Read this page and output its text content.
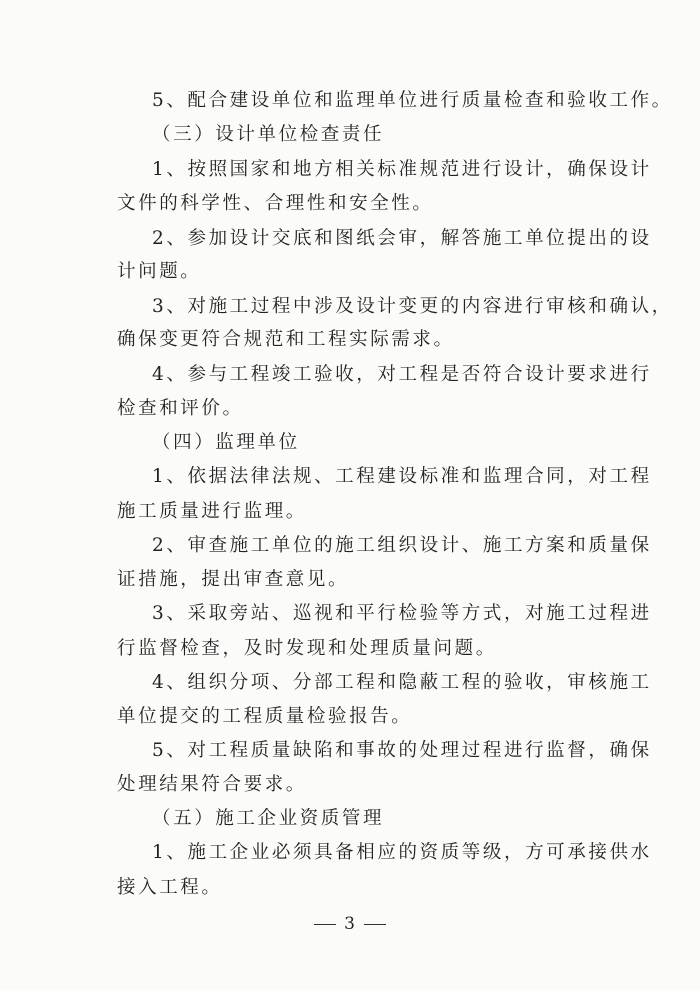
5、配合建设单位和监理单位进行质量检查和验收工作。
（三）设计单位检查责任
1、按照国家和地方相关标准规范进行设计，确保设计
文件的科学性、合理性和安全性。
2、参加设计交底和图纸会审，解答施工单位提出的设
计问题。
3、对施工过程中涉及设计变更的内容进行审核和确认，
确保变更符合规范和工程实际需求。
4、参与工程竣工验收，对工程是否符合设计要求进行
检查和评价。
（四）监理单位
1、依据法律法规、工程建设标准和监理合同，对工程
施工质量进行监理。
2、审查施工单位的施工组织设计、施工方案和质量保
证措施，提出审查意见。
3、采取旁站、巡视和平行检验等方式，对施工过程进
行监督检查，及时发现和处理质量问题。
4、组织分项、分部工程和隐蔽工程的验收，审核施工
单位提交的工程质量检验报告。
5、对工程质量缺陷和事故的处理过程进行监督，确保
处理结果符合要求。
（五）施工企业资质管理
1、施工企业必须具备相应的资质等级，方可承接供水
接入工程。
3
